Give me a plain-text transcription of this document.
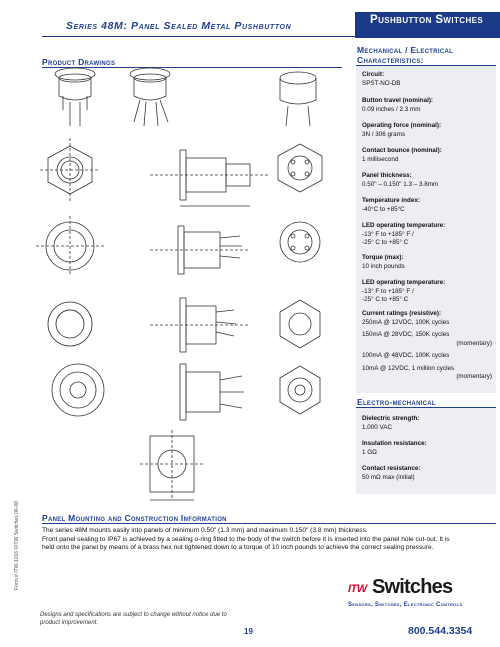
Series 48M: Panel Sealed Metal Pushbutton	Pushbutton Switches
Product Drawings
Mechanical / Electrical
Characteristics:
Circuit:
SPST-NO-DB
Button travel (nominal):
0.09 inches / 2.3 mm
Operating force (nominal):
3N / 306 grams
Contact bounce (nominal):
1 millisecond
Panel thickness:
0.50" – 0.150" 1.3 – 3.8mm
Temperature index:
-40°C to +85°C
LED operating temperature:
-13° F to +185° F /
-25° C to +85° C
Torque (max):
10 inch pounds
LED operating temperature:
-13° F to +185° F /
-25° C to +85° C
Current ratings (resistive):
250mA @ 12VDC, 100K cycles
150mA @ 28VDC, 150K cycles
(momentary)
100mA @ 48VDC, 100K cycles
10mA @ 12VDC, 1 million cycles
(momentary)
Electro-mechanical
Dielectric strength:
1,000 VAC
Insulation resistance:
1 GΩ
Contact resistance:
50 mΩ max (initial)
Panel Mounting and Construction Information

The series 48M mounts easily into panels of minimum 0.50" (1.3 mm) and maximum 0.150" (3.8 mm) thickness.

Front panel sealing to IP67 is achieved by a sealing o-ring fitted to the body of the switch before it is inserted into the panel hole cut-out. It is held onto the panel by means of a brass hex nut tightened down to a torque of 10 inch pounds to achieve the correct sealing pressure.

Form # ITW-1016 ©ITW Switches 06-08
Designs and specifications are subject to change without notice due to product improvement.
19
ITW Switches
Sensors, Switches, Electronic Controls
800.544.3354
